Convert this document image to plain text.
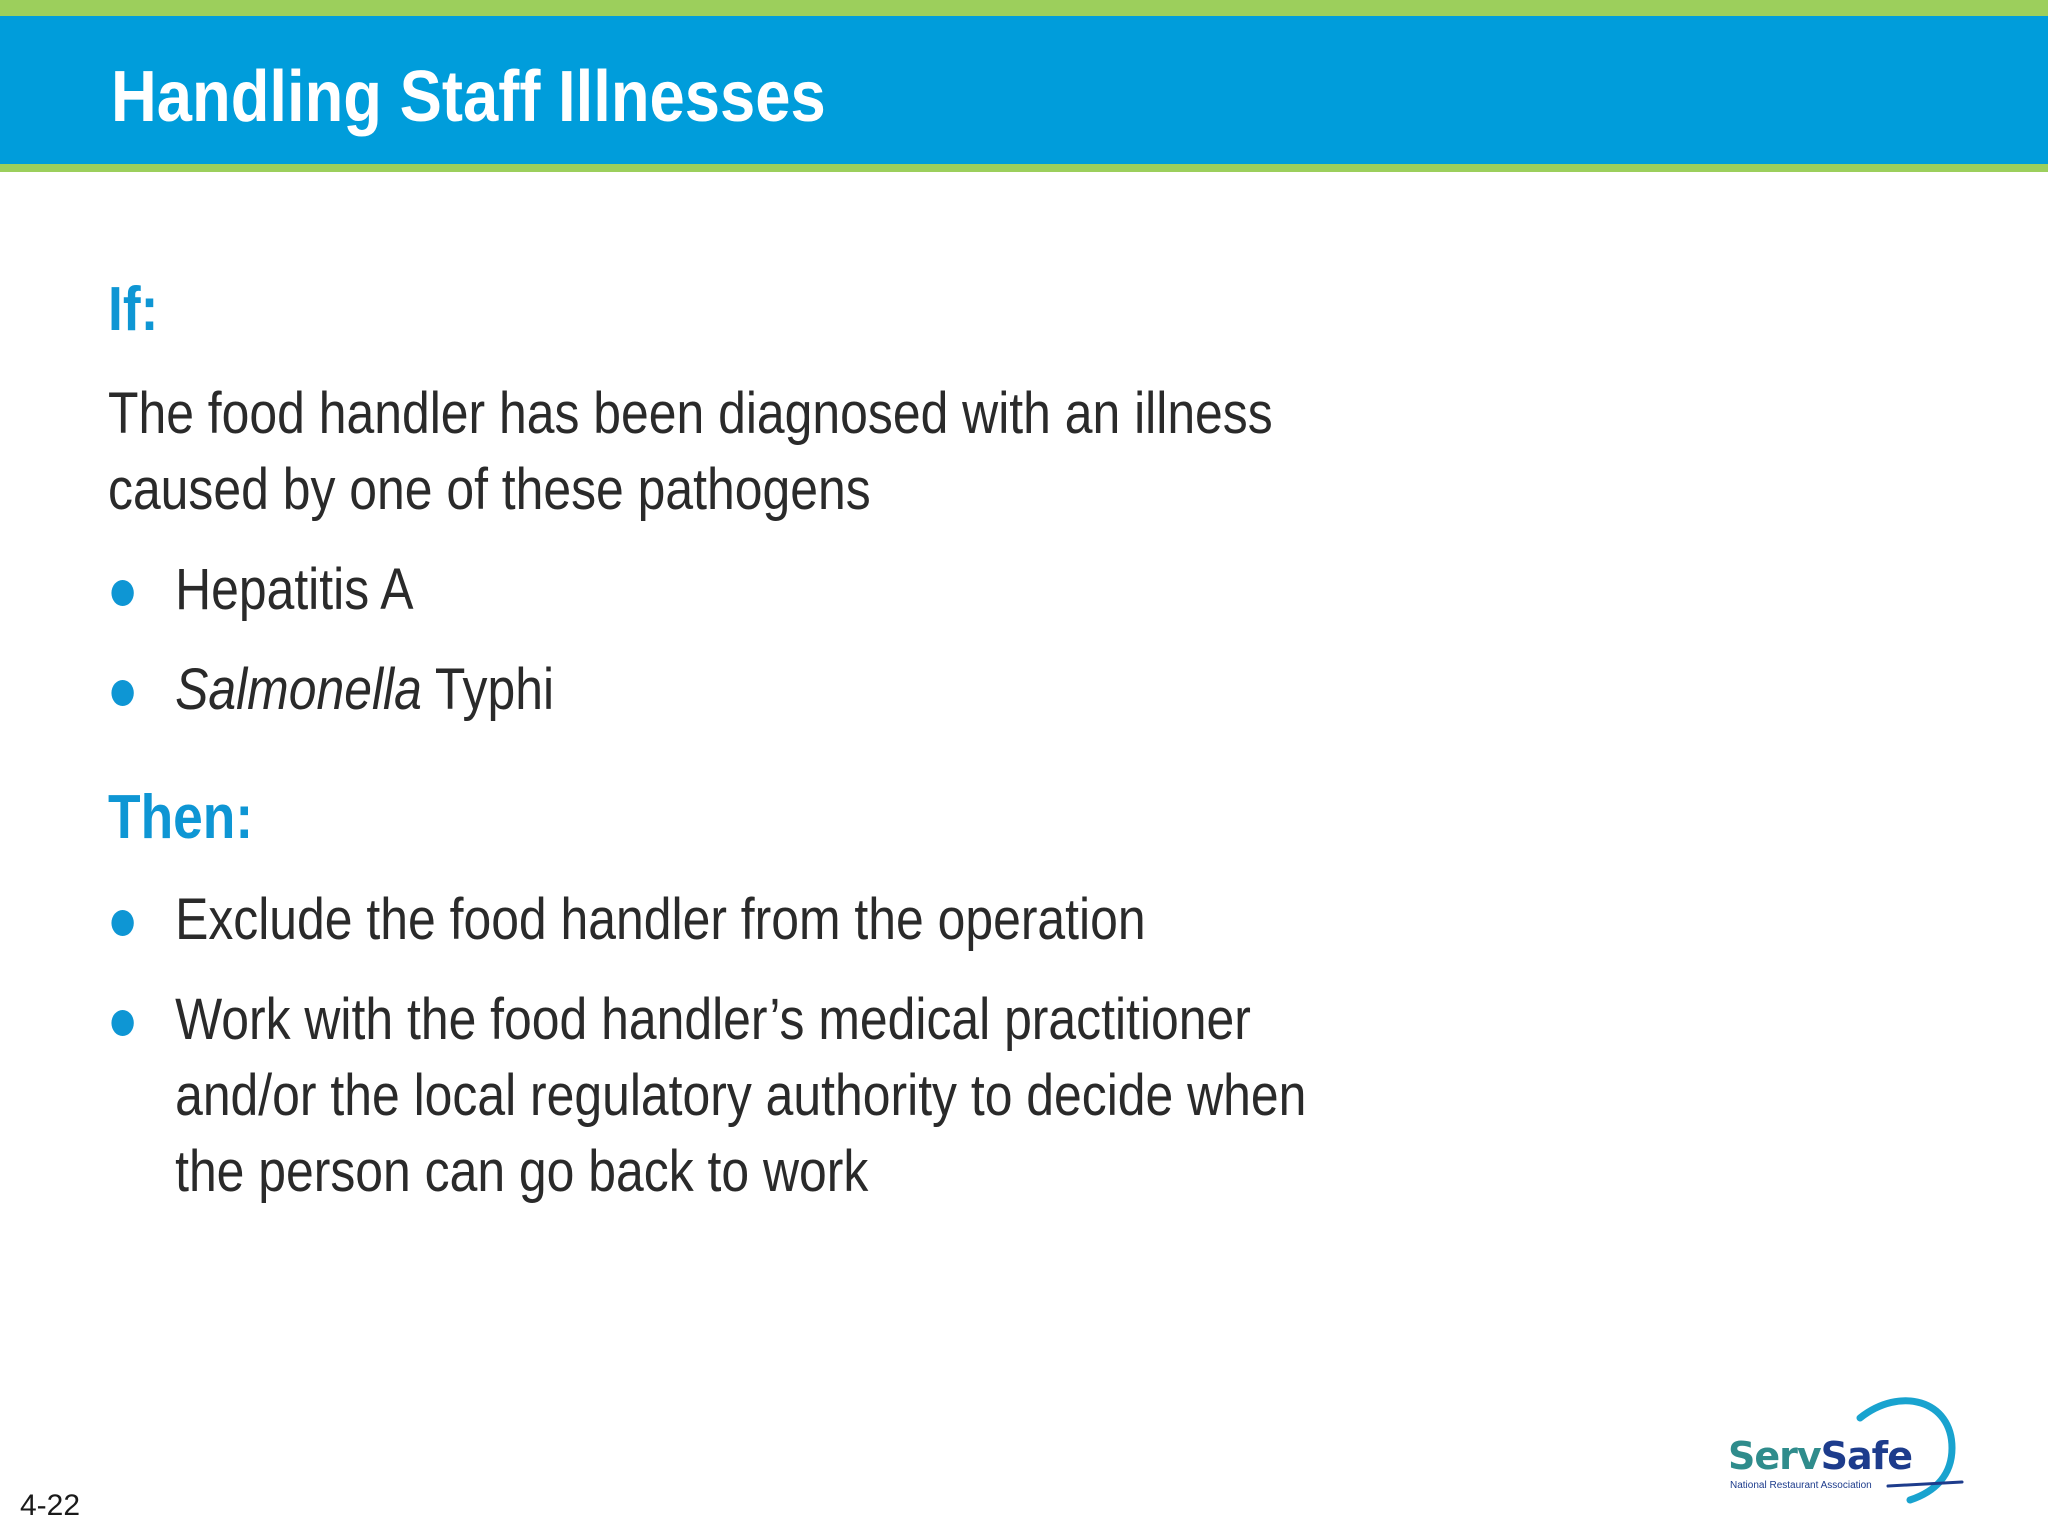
Handling Staff Illnesses
If:

The food handler has been diagnosed with an illness caused by one of these pathogens

Hepatitis A
Salmonella Typhi
Then:
Exclude the food handler from the operation
Work with the food handler’s medical practitioner and/or the local regulatory authority to decide when the person can go back to work
4-22
ServSafe
National Restaurant Association
